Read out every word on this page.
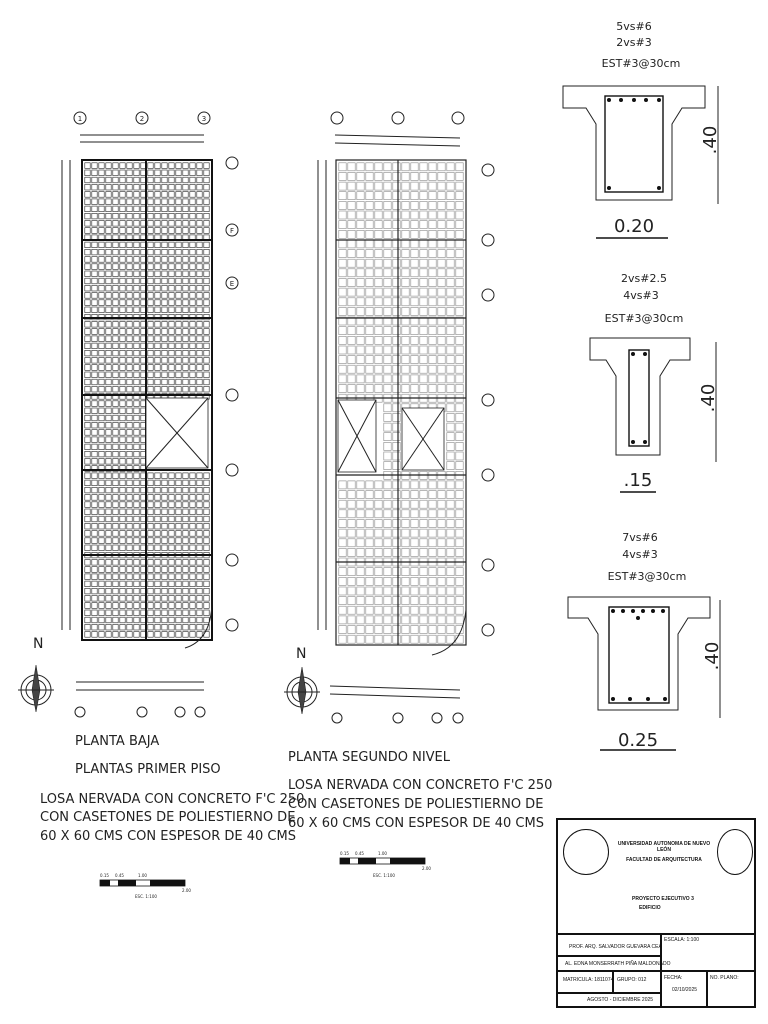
1	2	3
F
E
N
PLANTA BAJA
PLANTAS PRIMER PISO
LOSA NERVADA CON CONCRETO F'C 250
CON CASETONES DE POLIESTIERNO DE
60 X 60 CMS CON ESPESOR DE 40 CMS
0.15 0.45	1.00
2.00
ESC. 1:100
N
PLANTA SEGUNDO NIVEL
LOSA NERVADA CON CONCRETO F'C 250
CON CASETONES DE POLIESTIERNO DE
60 X 60 CMS CON ESPESOR DE 40 CMS
0.15 0.45	1.00
2.00
ESC. 1:100
5vs#6
2vs#3
EST#3@30cm
.40
0.20
2vs#2.5
4vs#3
EST#3@30cm
.40
.15
7vs#6
4vs#3
EST#3@30cm
.40
0.25
UNIVERSIDAD AUTONOMA DE NUEVO LEÓN
FACULTAD DE ARQUITECTURA
PROYECTO EJECUTIVO 3
EDIFICIO
PROF. ARQ. SALVADOR GUEVARA CEA
ESCALA: 1:100
AL. EDNA MONSERRATH PIÑA MALDONADO
MATRICULA: 1811074 GRUPO: 012	FECHA:
02/10/2025
NO. PLANO:
AGOSTO - DICIEMBRE 2025
